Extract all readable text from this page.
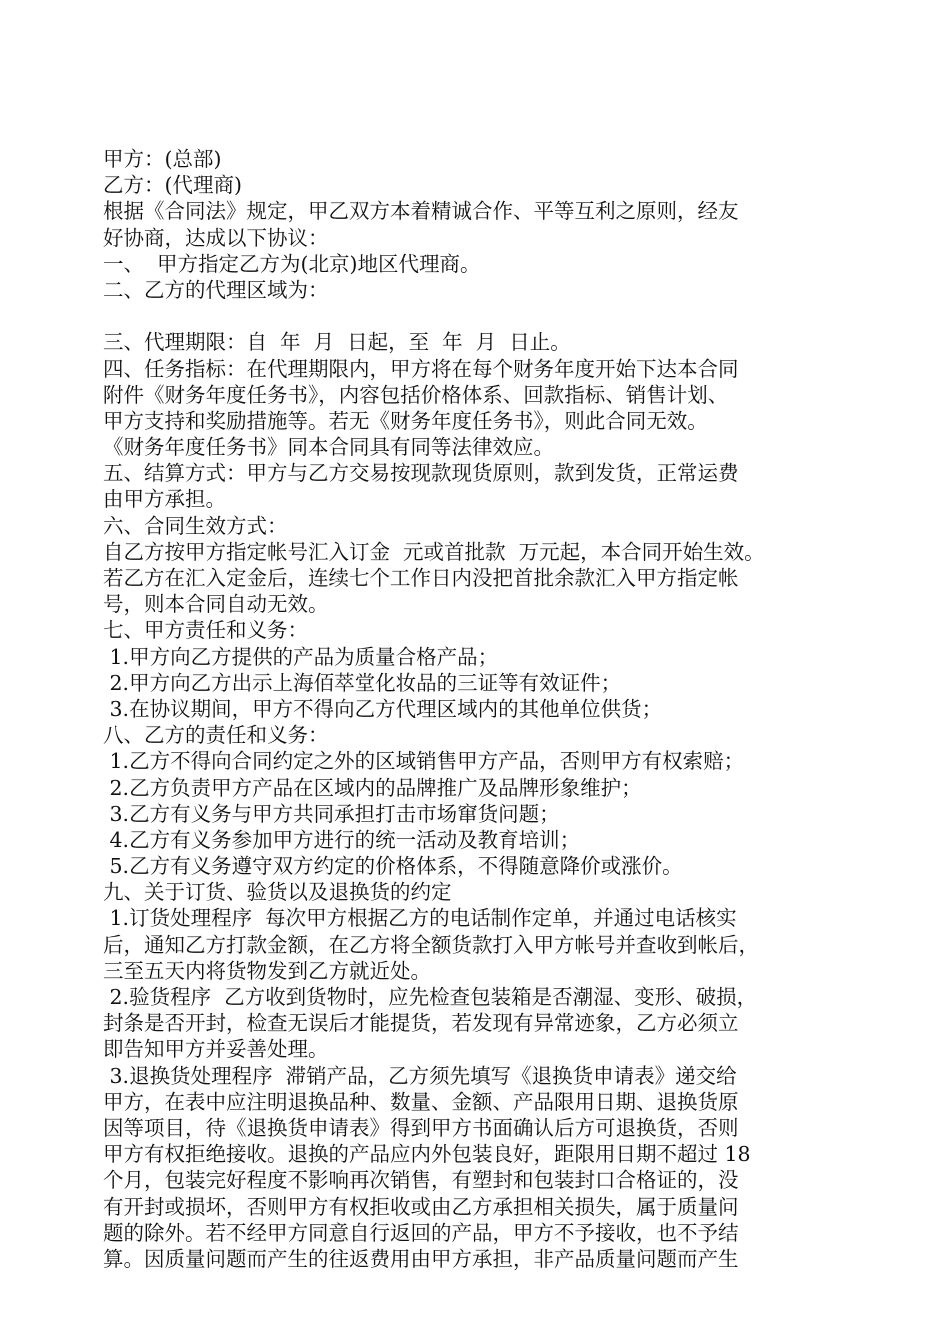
甲方：(总部)
乙方：(代理商)
根据《合同法》规定，甲乙双方本着精诚合作、平等互利之原则，经友
好协商，达成以下协议：
一、  甲方指定乙方为(北京)地区代理商。
二、乙方的代理区域为：
三、代理期限：自  年  月  日起，至  年  月  日止。
四、任务指标：在代理期限内，甲方将在每个财务年度开始下达本合同
附件《财务年度任务书》，内容包括价格体系、回款指标、销售计划、
甲方支持和奖励措施等。若无《财务年度任务书》，则此合同无效。
《财务年度任务书》同本合同具有同等法律效应。
五、结算方式：甲方与乙方交易按现款现货原则，款到发货，正常运费
由甲方承担。
六、合同生效方式：
自乙方按甲方指定帐号汇入订金  元或首批款  万元起，本合同开始生效。
若乙方在汇入定金后，连续七个工作日内没把首批余款汇入甲方指定帐
号，则本合同自动无效。
七、甲方责任和义务：
1.甲方向乙方提供的产品为质量合格产品；
2.甲方向乙方出示上海佰萃堂化妆品的三证等有效证件；
3.在协议期间，甲方不得向乙方代理区域内的其他单位供货；
八、乙方的责任和义务：
1.乙方不得向合同约定之外的区域销售甲方产品，否则甲方有权索赔；
2.乙方负责甲方产品在区域内的品牌推广及品牌形象维护；
3.乙方有义务与甲方共同承担打击市场窜货问题；
4.乙方有义务参加甲方进行的统一活动及教育培训；
5.乙方有义务遵守双方约定的价格体系，不得随意降价或涨价。
九、关于订货、验货以及退换货的约定
1.订货处理程序  每次甲方根据乙方的电话制作定单，并通过电话核实
后，通知乙方打款金额，在乙方将全额货款打入甲方帐号并查收到帐后，
三至五天内将货物发到乙方就近处。
2.验货程序  乙方收到货物时，应先检查包装箱是否潮湿、变形、破损，
封条是否开封，检查无误后才能提货，若发现有异常迹象，乙方必须立
即告知甲方并妥善处理。
3.退换货处理程序  滞销产品，乙方须先填写《退换货申请表》递交给
甲方，在表中应注明退换品种、数量、金额、产品限用日期、退换货原
因等项目，待《退换货申请表》得到甲方书面确认后方可退换货，否则
甲方有权拒绝接收。退换的产品应内外包装良好，距限用日期不超过 18
个月，包装完好程度不影响再次销售，有塑封和包装封口合格证的，没
有开封或损坏，否则甲方有权拒收或由乙方承担相关损失，属于质量问
题的除外。若不经甲方同意自行返回的产品，甲方不予接收，也不予结
算。因质量问题而产生的往返费用由甲方承担，非产品质量问题而产生
